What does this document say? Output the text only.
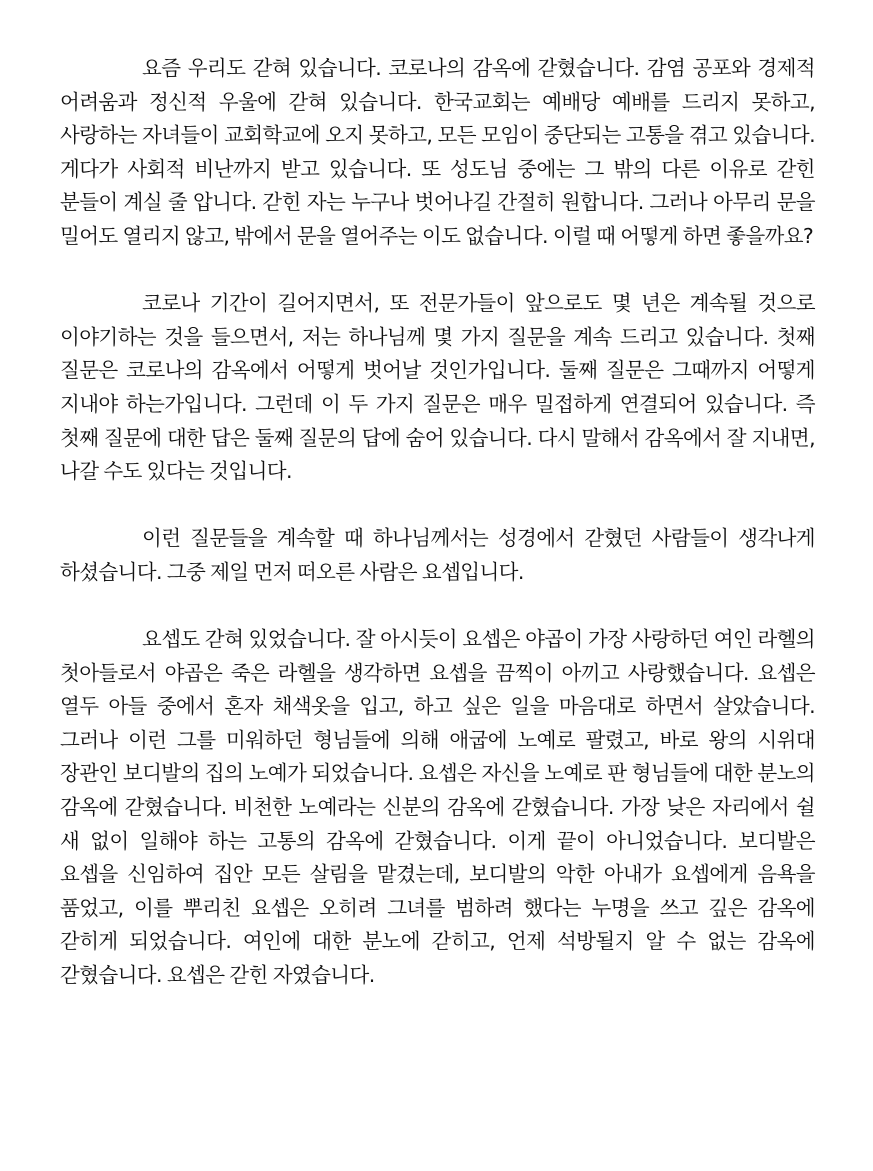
요즘 우리도 갇혀 있습니다. 코로나의 감옥에 갇혔습니다. 감염 공포와 경제적 어려움과 정신적 우울에 갇혀 있습니다. 한국교회는 예배당 예배를 드리지 못하고, 사랑하는 자녀들이 교회학교에 오지 못하고, 모든 모임이 중단되는 고통을 겪고 있습니다. 게다가 사회적 비난까지 받고 있습니다. 또 성도님 중에는 그 밖의 다른 이유로 갇힌 분들이 계실 줄 압니다. 갇힌 자는 누구나 벗어나길 간절히 원합니다. 그러나 아무리 문을 밀어도 열리지 않고, 밖에서 문을 열어주는 이도 없습니다. 이럴 때 어떻게 하면 좋을까요?

코로나 기간이 길어지면서, 또 전문가들이 앞으로도 몇 년은 계속될 것으로 이야기하는 것을 들으면서, 저는 하나님께 몇 가지 질문을 계속 드리고 있습니다. 첫째 질문은 코로나의 감옥에서 어떻게 벗어날 것인가입니다. 둘째 질문은 그때까지 어떻게 지내야 하는가입니다. 그런데 이 두 가지 질문은 매우 밀접하게 연결되어 있습니다. 즉 첫째 질문에 대한 답은 둘째 질문의 답에 숨어 있습니다. 다시 말해서 감옥에서 잘 지내면, 나갈 수도 있다는 것입니다.

이런 질문들을 계속할 때 하나님께서는 성경에서 갇혔던 사람들이 생각나게 하셨습니다. 그중 제일 먼저 떠오른 사람은 요셉입니다.

요셉도 갇혀 있었습니다. 잘 아시듯이 요셉은 야곱이 가장 사랑하던 여인 라헬의 첫아들로서 야곱은 죽은 라헬을 생각하면 요셉을 끔찍이 아끼고 사랑했습니다. 요셉은 열두 아들 중에서 혼자 채색옷을 입고, 하고 싶은 일을 마음대로 하면서 살았습니다. 그러나 이런 그를 미워하던 형님들에 의해 애굽에 노예로 팔렸고, 바로 왕의 시위대 장관인 보디발의 집의 노예가 되었습니다. 요셉은 자신을 노예로 판 형님들에 대한 분노의 감옥에 갇혔습니다. 비천한 노예라는 신분의 감옥에 갇혔습니다. 가장 낮은 자리에서 쉴 새 없이 일해야 하는 고통의 감옥에 갇혔습니다. 이게 끝이 아니었습니다. 보디발은 요셉을 신임하여 집안 모든 살림을 맡겼는데, 보디발의 악한 아내가 요셉에게 음욕을 품었고, 이를 뿌리친 요셉은 오히려 그녀를 범하려 했다는 누명을 쓰고 깊은 감옥에 갇히게 되었습니다. 여인에 대한 분노에 갇히고, 언제 석방될지 알 수 없는 감옥에 갇혔습니다. 요셉은 갇힌 자였습니다.
